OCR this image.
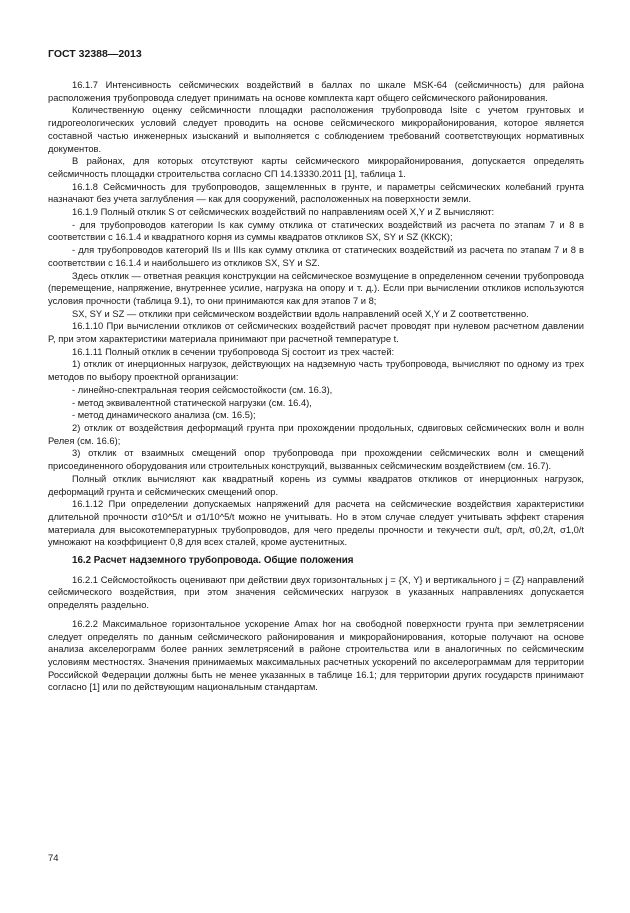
ГОСТ 32388—2013

16.1.7 Интенсивность сейсмических воздействий в баллах по шкале MSK-64 (сейсмичность) для района расположения трубопровода следует принимать на основе комплекта карт общего сейсмического районирования.

Количественную оценку сейсмичности площадки расположения трубопровода Isite с учетом грунтовых и гидрогеологических условий следует проводить на основе сейсмического микрорайонирования, которое является составной частью инженерных изысканий и выполняется с соблюдением требований соответствующих нормативных документов.

В районах, для которых отсутствуют карты сейсмического микрорайонирования, допускается определять сейсмичность площадки строительства согласно СП 14.13330.2011 [1], таблица 1.

16.1.8 Сейсмичность для трубопроводов, защемленных в грунте, и параметры сейсмических колебаний грунта назначают без учета заглубления — как для сооружений, расположенных на поверхности земли.

16.1.9 Полный отклик S от сейсмических воздействий по направлениям осей X,Y и Z вычисляют:

- для трубопроводов категории Is как сумму отклика от статических воздействий из расчета по этапам 7 и 8 в соответствии с 16.1.4 и квадратного корня из суммы квадратов откликов SX, SY и SZ (ККСК);

- для трубопроводов категорий IIs и IIIs как сумму отклика от статических воздействий из расчета по этапам 7 и 8 в соответствии с 16.1.4 и наибольшего из откликов SX, SY и SZ.

Здесь отклик — ответная реакция конструкции на сейсмическое возмущение в определенном сечении трубопровода (перемещение, напряжение, внутреннее усилие, нагрузка на опору и т. д.). Если при вычислении откликов используются условия прочности (таблица 9.1), то они принимаются как для этапов 7 и 8;

SX, SY и SZ — отклики при сейсмическом воздействии вдоль направлений осей X,Y и Z соответственно.

16.1.10 При вычислении откликов от сейсмических воздействий расчет проводят при нулевом расчетном давлении P, при этом характеристики материала принимают при расчетной температуре t.

16.1.11 Полный отклик в сечении трубопровода Sj состоит из трех частей:

1) отклик от инерционных нагрузок, действующих на надземную часть трубопровода, вычисляют по одному из трех методов по выбору проектной организации:

- линейно-спектральная теория сейсмостойкости (см. 16.3),

- метод эквивалентной статической нагрузки (см. 16.4),

- метод динамического анализа (см. 16.5);

2) отклик от воздействия деформаций грунта при прохождении продольных, сдвиговых сейсмических волн и волн Релея (см. 16.6);

3) отклик от взаимных смещений опор трубопровода при прохождении сейсмических волн и смещений присоединенного оборудования или строительных конструкций, вызванных сейсмическим воздействием (см. 16.7).

Полный отклик вычисляют как квадратный корень из суммы квадратов откликов от инерционных нагрузок, деформаций грунта и сейсмических смещений опор.

16.1.12 При определении допускаемых напряжений для расчета на сейсмические воздействия характеристики длительной прочности σ10^5/t и σ1/10^5/t можно не учитывать. Но в этом случае следует учитывать эффект старения материала для высокотемпературных трубопроводов, для чего пределы прочности и текучести σu/t, σp/t, σ0,2/t, σ1,0/t умножают на коэффициент 0,8 для всех сталей, кроме аустенитных.

16.2 Расчет надземного трубопровода. Общие положения

16.2.1 Сейсмостойкость оценивают при действии двух горизонтальных j = {X, Y} и вертикального j = {Z} направлений сейсмического воздействия, при этом значения сейсмических нагрузок в указанных направлениях допускается определять раздельно.

16.2.2 Максимальное горизонтальное ускорение Amax hor на свободной поверхности грунта при землетрясении следует определять по данным сейсмического районирования и микрорайонирования, которые получают на основе анализа акселерограмм более ранних землетрясений в районе строительства или в аналогичных по сейсмическим условиям местностях. Значения принимаемых максимальных расчетных ускорений по акселерограммам для территории Российской Федерации должны быть не менее указанных в таблице 16.1; для территории других государств принимают согласно [1] или по действующим национальным стандартам.

74
